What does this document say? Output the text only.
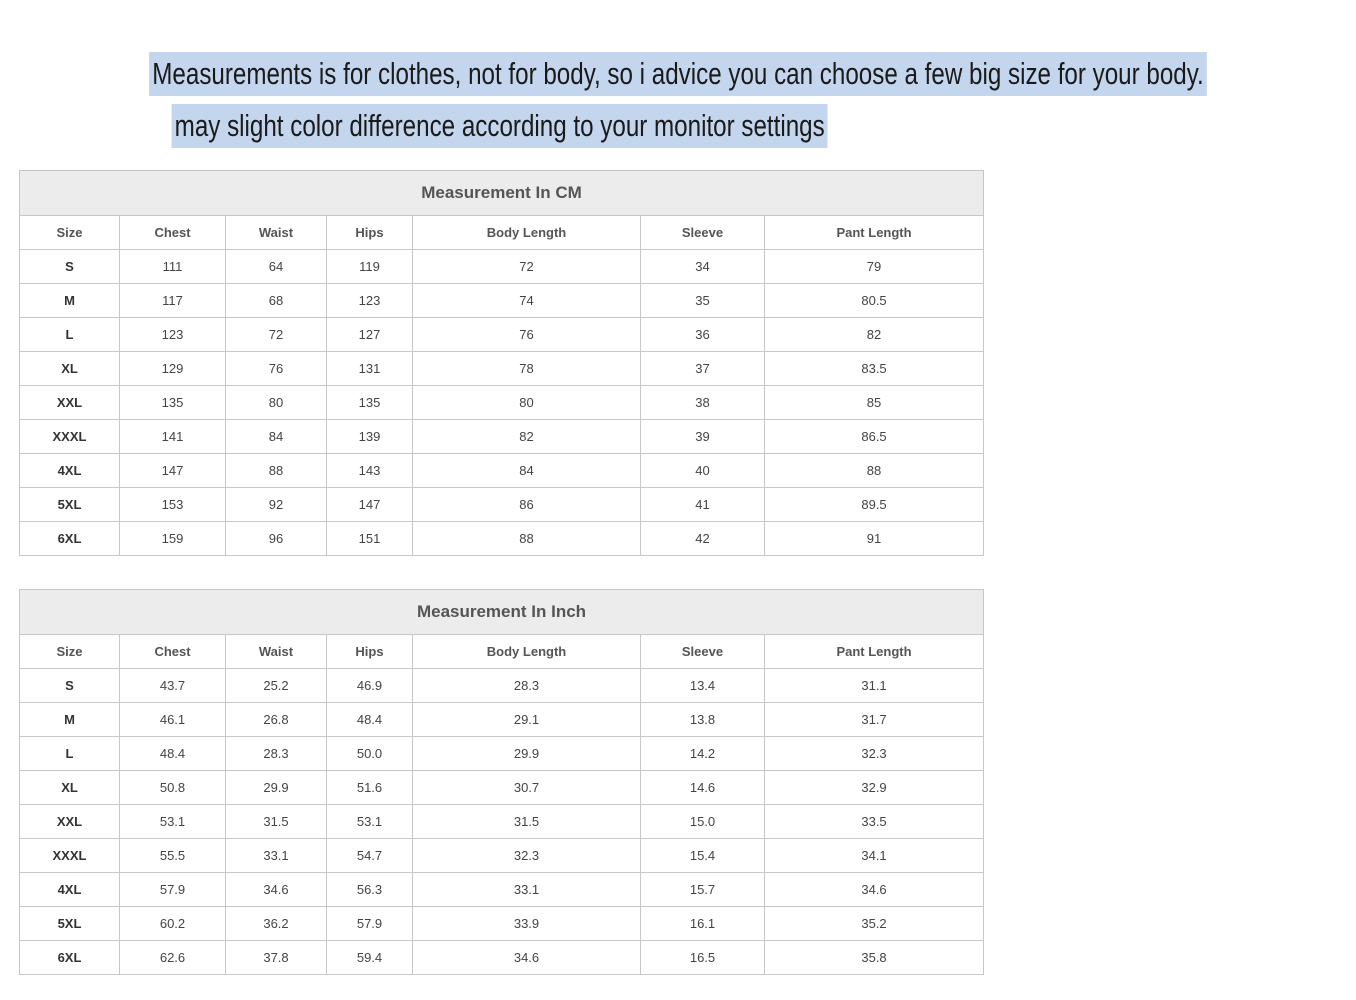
Measurements is for clothes, not for body, so i advice you can choose a few big size for your body.
may slight color difference according to your monitor settings
Measurement In CM						
Size	Chest	Waist	Hips	Body Length	Sleeve	Pant Length
S	111	64	119	72	34	79
M	117	68	123	74	35	80.5
L	123	72	127	76	36	82
XL	129	76	131	78	37	83.5
XXL	135	80	135	80	38	85
XXXL	141	84	139	82	39	86.5
4XL	147	88	143	84	40	88
5XL	153	92	147	86	41	89.5
6XL	159	96	151	88	42	91
Measurement In Inch						
Size	Chest	Waist	Hips	Body Length	Sleeve	Pant Length
S	43.7	25.2	46.9	28.3	13.4	31.1
M	46.1	26.8	48.4	29.1	13.8	31.7
L	48.4	28.3	50.0	29.9	14.2	32.3
XL	50.8	29.9	51.6	30.7	14.6	32.9
XXL	53.1	31.5	53.1	31.5	15.0	33.5
XXXL	55.5	33.1	54.7	32.3	15.4	34.1
4XL	57.9	34.6	56.3	33.1	15.7	34.6
5XL	60.2	36.2	57.9	33.9	16.1	35.2
6XL	62.6	37.8	59.4	34.6	16.5	35.8
